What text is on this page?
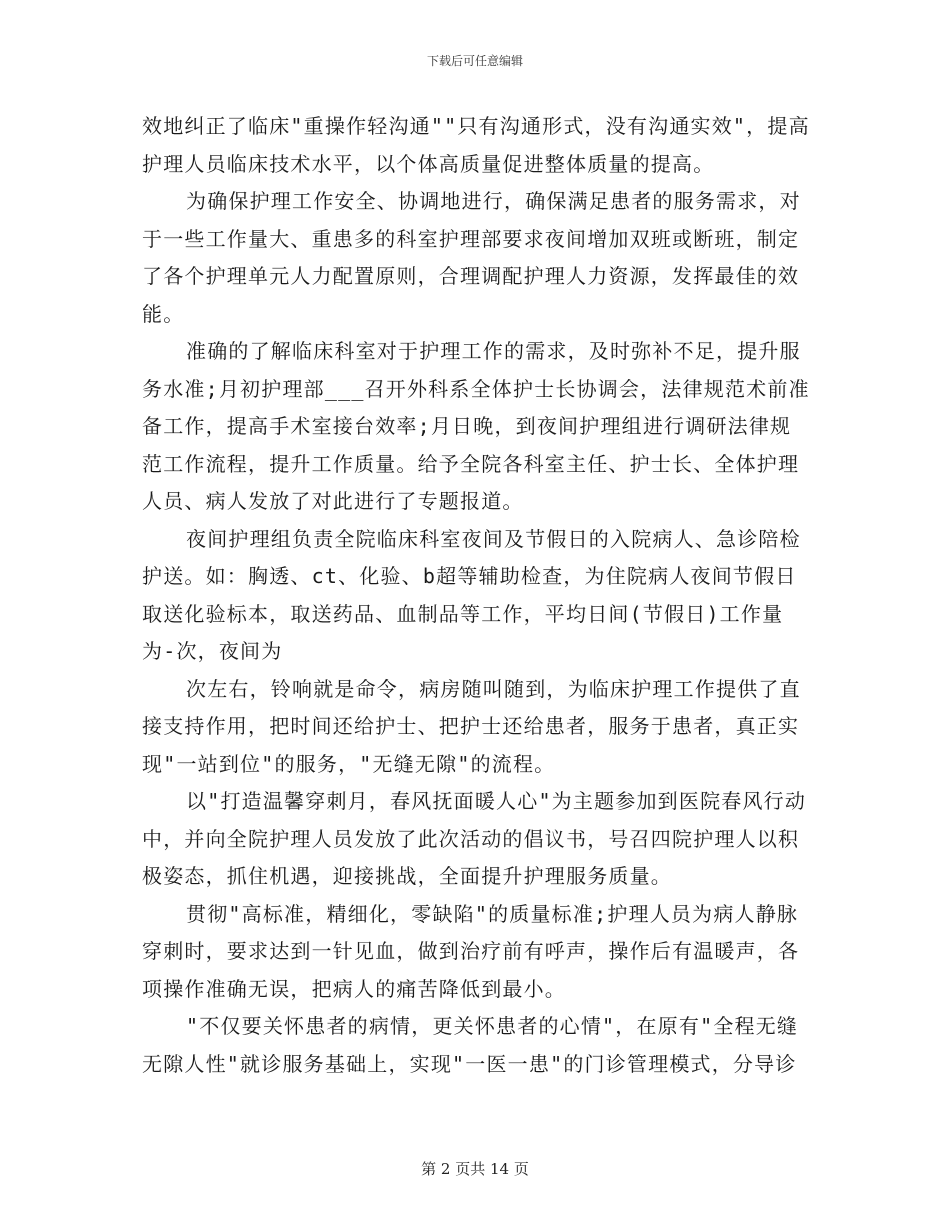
下载后可任意编辑

效地纠正了临床"重操作轻沟通""只有沟通形式，没有沟通实效"，提高护理人员临床技术水平，以个体高质量促进整体质量的提高。

为确保护理工作安全、协调地进行，确保满足患者的服务需求，对于一些工作量大、重患多的科室护理部要求夜间增加双班或断班，制定了各个护理单元人力配置原则，合理调配护理人力资源，发挥最佳的效能。

准确的了解临床科室对于护理工作的需求，及时弥补不足，提升服务水准;月初护理部___召开外科系全体护士长协调会，法律规范术前准备工作，提高手术室接台效率;月日晚，到夜间护理组进行调研法律规范工作流程，提升工作质量。给予全院各科室主任、护士长、全体护理人员、病人发放了对此进行了专题报道。

夜间护理组负责全院临床科室夜间及节假日的入院病人、急诊陪检护送。如：胸透、ct、化验、b超等辅助检查，为住院病人夜间节假日取送化验标本，取送药品、血制品等工作，平均日间(节假日)工作量为-次，夜间为

次左右，铃响就是命令，病房随叫随到，为临床护理工作提供了直接支持作用，把时间还给护士、把护士还给患者，服务于患者，真正实现"一站到位"的服务，"无缝无隙"的流程。

以"打造温馨穿刺月，春风抚面暖人心"为主题参加到医院春风行动中，并向全院护理人员发放了此次活动的倡议书，号召四院护理人以积极姿态，抓住机遇，迎接挑战，全面提升护理服务质量。

贯彻"高标准，精细化，零缺陷"的质量标准;护理人员为病人静脉穿刺时，要求达到一针见血，做到治疗前有呼声，操作后有温暖声，各项操作准确无误，把病人的痛苦降低到最小。

"不仅要关怀患者的病情，更关怀患者的心情"，在原有"全程无缝无隙人性"就诊服务基础上，实现"一医一患"的门诊管理模式，分导诊

第 2 页共 14 页
